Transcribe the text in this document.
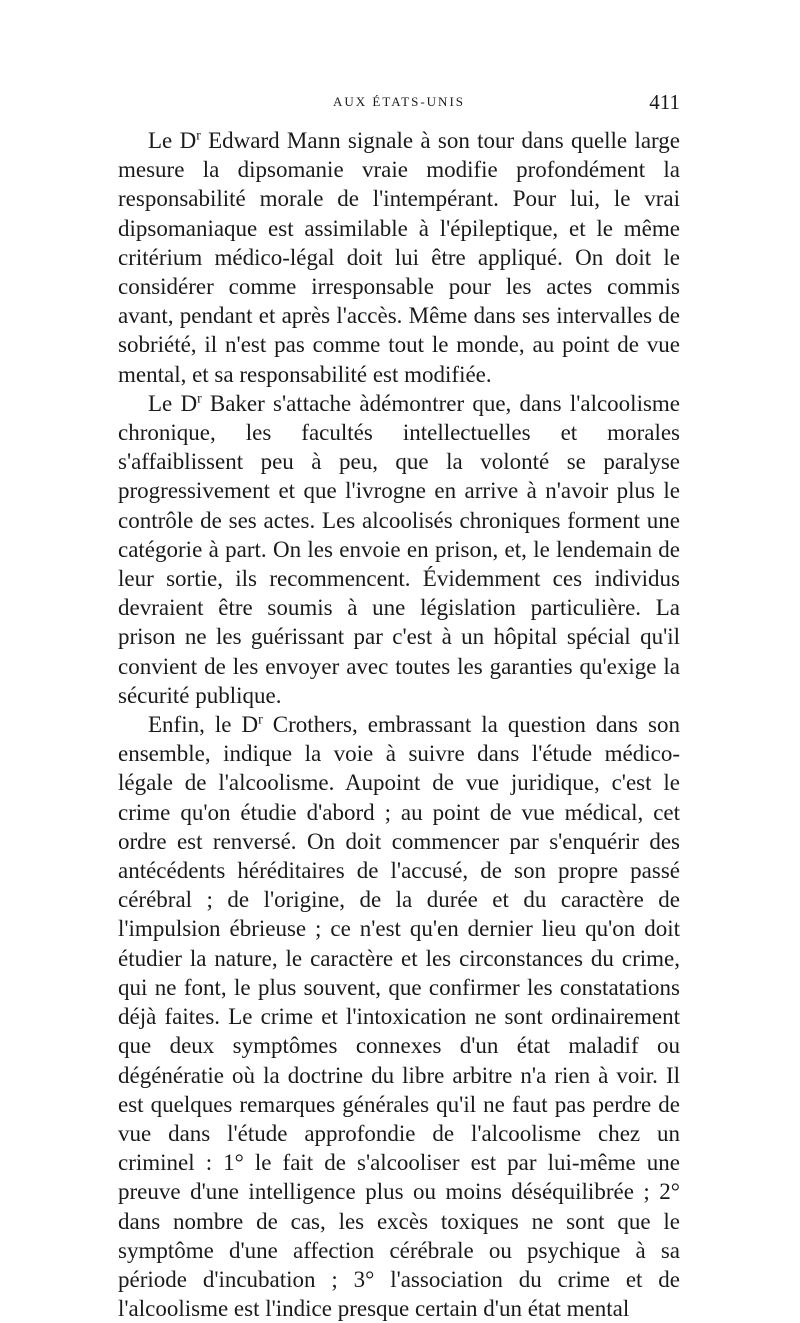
AUX ÉTATS-UNIS	411

Le $D^r$ Edward Mann signale à son tour dans quelle large mesure la dipsomanie vraie modifie profondément la responsabilité morale de l'intempérant. Pour lui, le vrai dipsomaniaque est assimilable à l'épileptique, et le même critérium médico-légal doit lui être appliqué. On doit le considérer comme irresponsable pour les actes commis avant, pendant et après l'accès. Même dans ses intervalles de sobriété, il n'est pas comme tout le monde, au point de vue mental, et sa responsabilité est modifiée.

Le $D^r$ Baker s'attache àdémontrer que, dans l'alcoolisme chronique, les facultés intellectuelles et morales s'affaiblissent peu à peu, que la volonté se paralyse progressivement et que l'ivrogne en arrive à n'avoir plus le contrôle de ses actes. Les alcoolisés chroniques forment une catégorie à part. On les envoie en prison, et, le lendemain de leur sortie, ils recommencent. Évidemment ces individus devraient être soumis à une législation particulière. La prison ne les guérissant par c'est à un hôpital spécial qu'il convient de les envoyer avec toutes les garanties qu'exige la sécurité publique.

Enfin, le $D^r$ Crothers, embrassant la question dans son ensemble, indique la voie à suivre dans l'étude médico-légale de l'alcoolisme. Aupoint de vue juridique, c'est le crime qu'on étudie d'abord ; au point de vue médical, cet ordre est renversé. On doit commencer par s'enquérir des antécédents héréditaires de l'accusé, de son propre passé cérébral ; de l'origine, de la durée et du caractère de l'impulsion ébrieuse ; ce n'est qu'en dernier lieu qu'on doit étudier la nature, le caractère et les circonstances du crime, qui ne font, le plus souvent, que confirmer les constatations déjà faites. Le crime et l'intoxication ne sont ordinairement que deux symptômes connexes d'un état maladif ou dégénératie où la doctrine du libre arbitre n'a rien à voir. Il est quelques remarques générales qu'il ne faut pas perdre de vue dans l'étude approfondie de l'alcoolisme chez un criminel : 1° le fait de s'alcooliser est par lui-même une preuve d'une intelligence plus ou moins déséquilibrée ; 2° dans nombre de cas, les excès toxiques ne sont que le symptôme d'une affection cérébrale ou psychique à sa période d'incubation ; 3° l'association du crime et de l'alcoolisme est l'indice presque certain d'un état mental
